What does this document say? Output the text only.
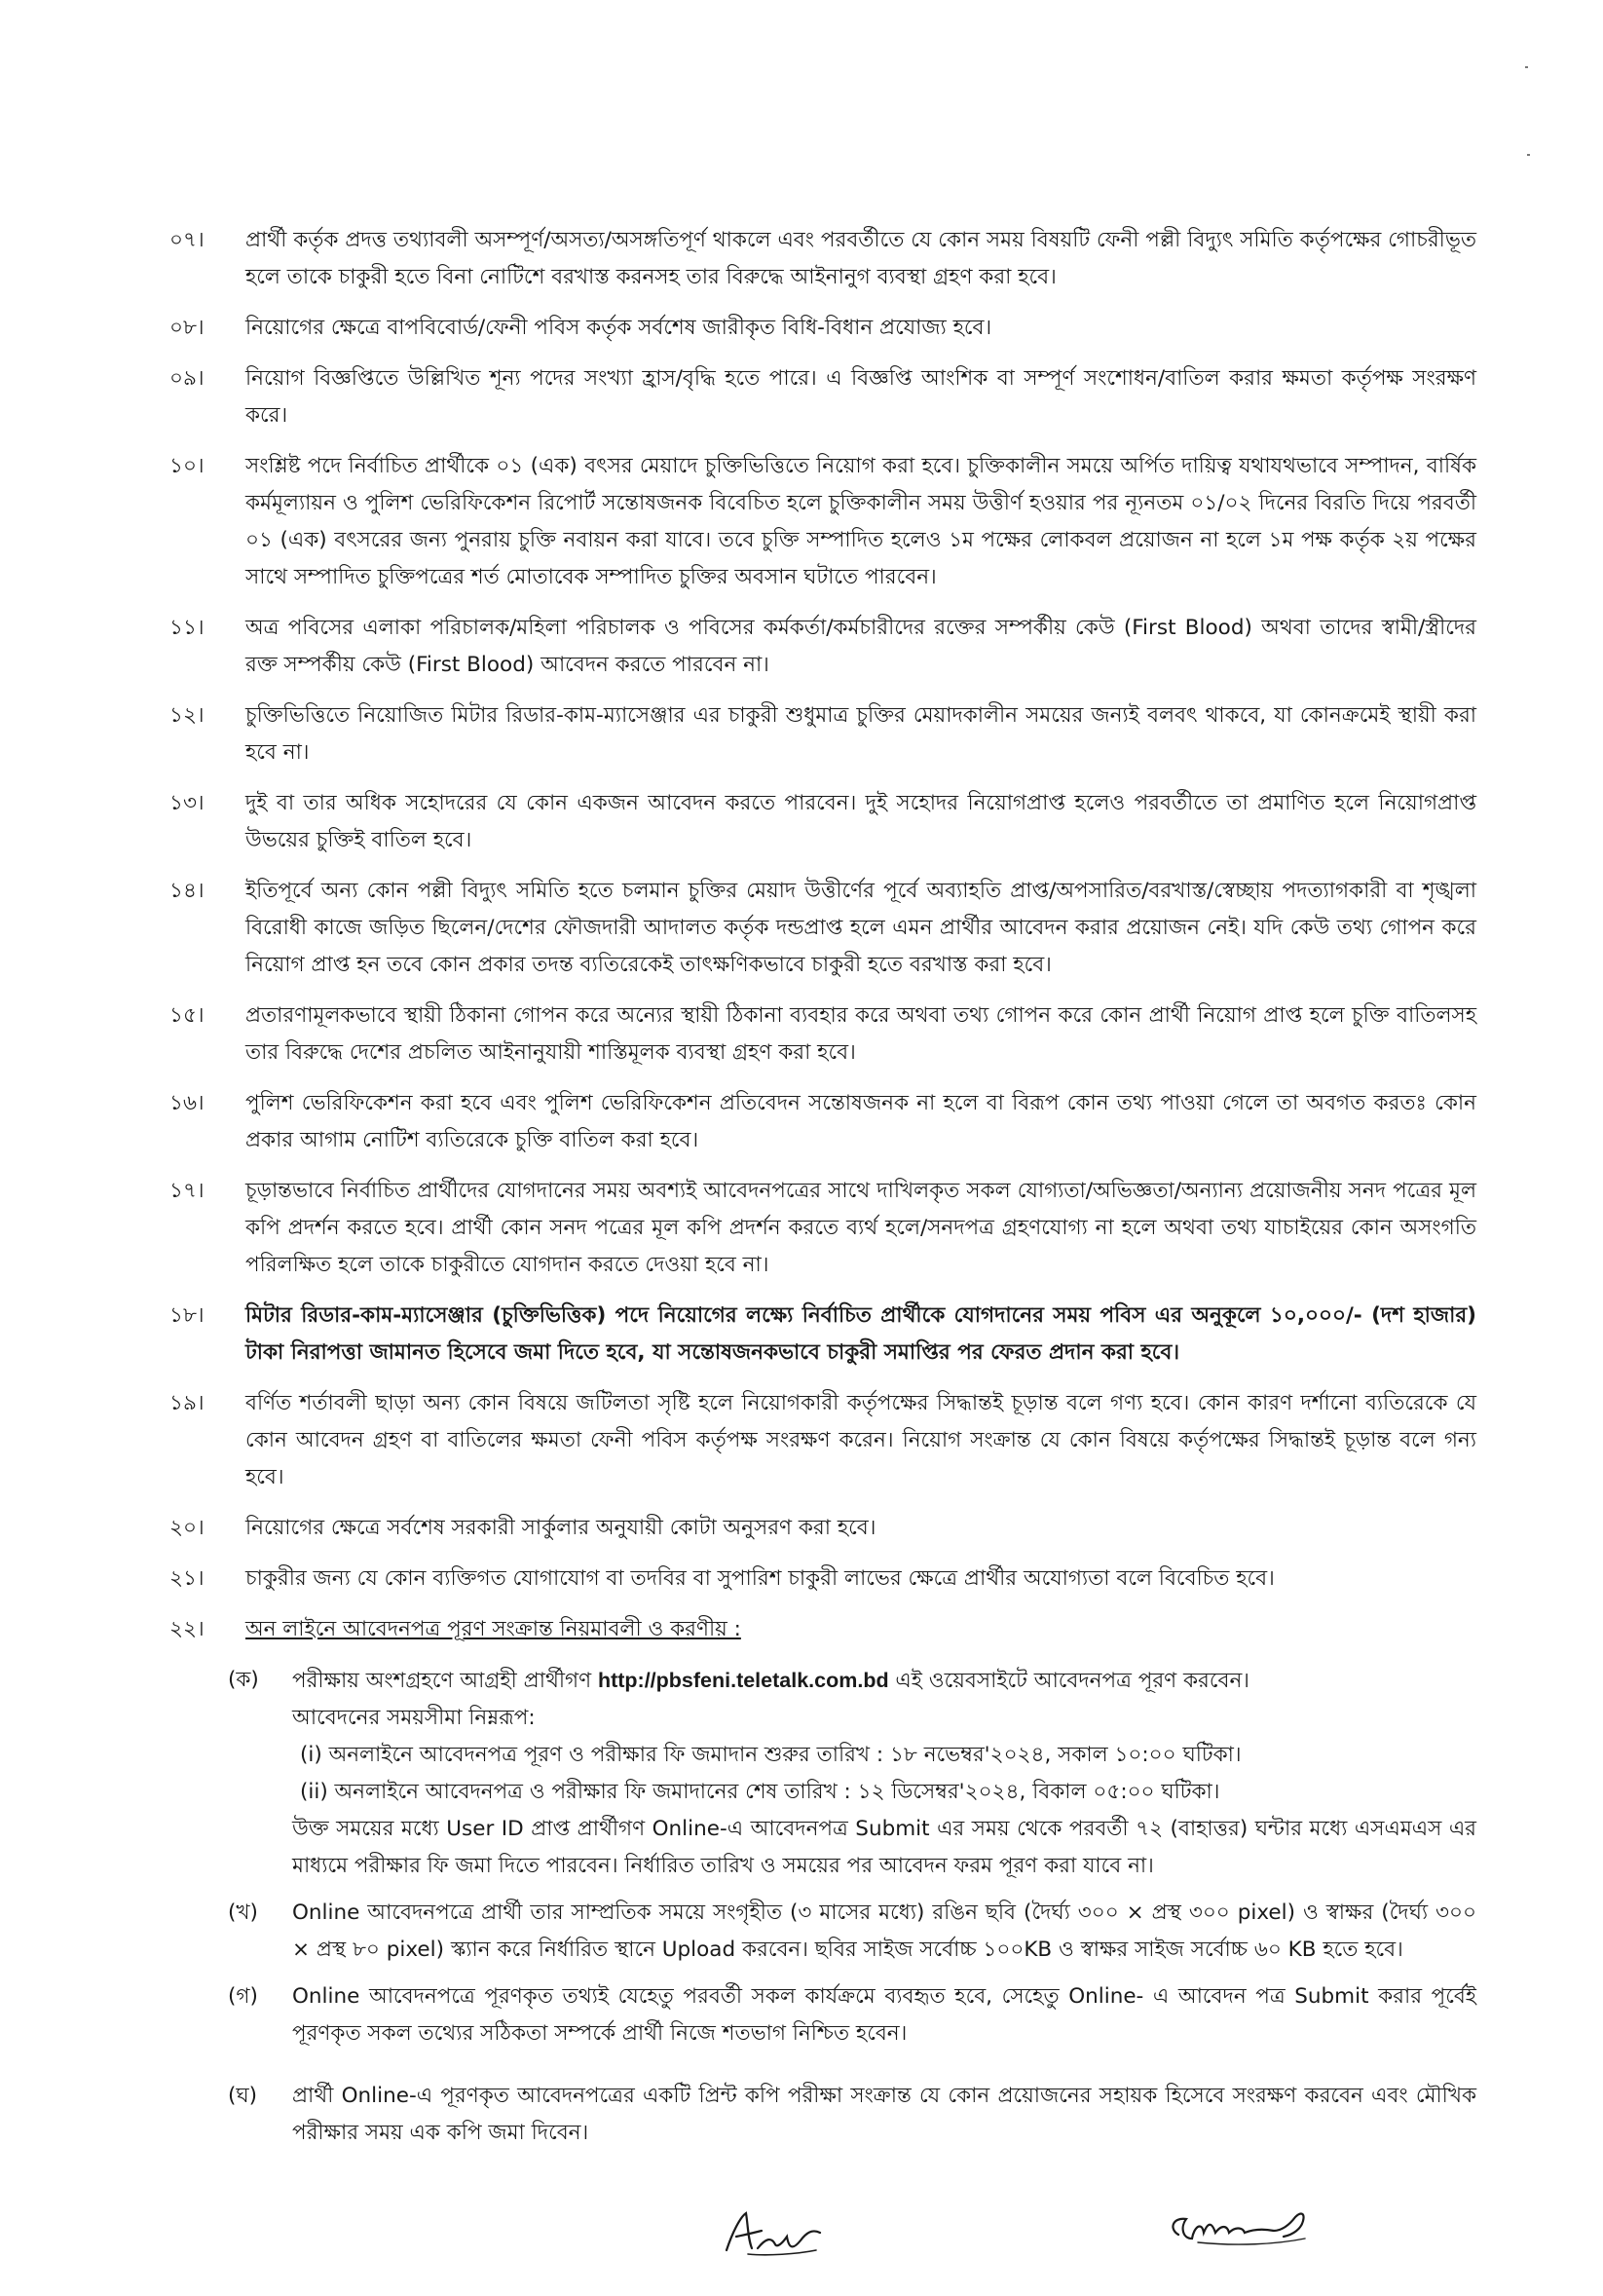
০৭।	প্রার্থী কর্তৃক প্রদত্ত তথ্যাবলী অসম্পূর্ণ/অসত্য/অসঙ্গতিপূর্ণ থাকলে এবং পরবর্তীতে যে কোন সময় বিষয়টি ফেনী পল্লী বিদ্যুৎ সমিতি কর্তৃপক্ষের গোচরীভূত হলে তাকে চাকুরী হতে বিনা নোটিশে বরখাস্ত করনসহ তার বিরুদ্ধে আইনানুগ ব্যবস্থা গ্রহণ করা হবে।
০৮।	নিয়োগের ক্ষেত্রে বাপবিবোর্ড/ফেনী পবিস কর্তৃক সর্বশেষ জারীকৃত বিধি-বিধান প্রযোজ্য হবে।
০৯।	নিয়োগ বিজ্ঞপ্তিতে উল্লিখিত শূন্য পদের সংখ্যা হ্রাস/বৃদ্ধি হতে পারে। এ বিজ্ঞপ্তি আংশিক বা সম্পূর্ণ সংশোধন/বাতিল করার ক্ষমতা কর্তৃপক্ষ সংরক্ষণ করে।
১০।	সংশ্লিষ্ট পদে নির্বাচিত প্রার্থীকে ০১ (এক) বৎসর মেয়াদে চুক্তিভিত্তিতে নিয়োগ করা হবে। চুক্তিকালীন সময়ে অর্পিত দায়িত্ব যথাযথভাবে সম্পাদন, বার্ষিক কর্মমূল্যায়ন ও পুলিশ ভেরিফিকেশন রিপোর্ট সন্তোষজনক বিবেচিত হলে চুক্তিকালীন সময় উত্তীর্ণ হওয়ার পর ন্যূনতম ০১/০২ দিনের বিরতি দিয়ে পরবর্তী ০১ (এক) বৎসরের জন্য পুনরায় চুক্তি নবায়ন করা যাবে। তবে চুক্তি সম্পাদিত হলেও ১ম পক্ষের লোকবল প্রয়োজন না হলে ১ম পক্ষ কর্তৃক ২য় পক্ষের সাথে সম্পাদিত চুক্তিপত্রের শর্ত মোতাবেক সম্পাদিত চুক্তির অবসান ঘটাতে পারবেন।
১১।	অত্র পবিসের এলাকা পরিচালক/মহিলা পরিচালক ও পবিসের কর্মকর্তা/কর্মচারীদের রক্তের সম্পর্কীয় কেউ (First Blood) অথবা তাদের স্বামী/স্ত্রীদের রক্ত সম্পর্কীয় কেউ (First Blood) আবেদন করতে পারবেন না।
১২।	চুক্তিভিত্তিতে নিয়োজিত মিটার রিডার-কাম-ম্যাসেঞ্জার এর চাকুরী শুধুমাত্র চুক্তির মেয়াদকালীন সময়ের জন্যই বলবৎ থাকবে, যা কোনক্রমেই স্থায়ী করা হবে না।
১৩।	দুই বা তার অধিক সহোদরের যে কোন একজন আবেদন করতে পারবেন। দুই সহোদর নিয়োগপ্রাপ্ত হলেও পরবর্তীতে তা প্রমাণিত হলে নিয়োগপ্রাপ্ত উভয়ের চুক্তিই বাতিল হবে।
১৪।	ইতিপূর্বে অন্য কোন পল্লী বিদ্যুৎ সমিতি হতে চলমান চুক্তির মেয়াদ উত্তীর্ণের পূর্বে অব্যাহতি প্রাপ্ত/অপসারিত/বরখাস্ত/স্বেচ্ছায় পদত্যাগকারী বা শৃঙ্খলা বিরোধী কাজে জড়িত ছিলেন/দেশের ফৌজদারী আদালত কর্তৃক দন্ডপ্রাপ্ত হলে এমন প্রার্থীর আবেদন করার প্রয়োজন নেই। যদি কেউ তথ্য গোপন করে নিয়োগ প্রাপ্ত হন তবে কোন প্রকার তদন্ত ব্যতিরেকেই তাৎক্ষণিকভাবে চাকুরী হতে বরখাস্ত করা হবে।
১৫।	প্রতারণামূলকভাবে স্থায়ী ঠিকানা গোপন করে অন্যের স্থায়ী ঠিকানা ব্যবহার করে অথবা তথ্য গোপন করে কোন প্রার্থী নিয়োগ প্রাপ্ত হলে চুক্তি বাতিলসহ তার বিরুদ্ধে দেশের প্রচলিত আইনানুযায়ী শাস্তিমূলক ব্যবস্থা গ্রহণ করা হবে।
১৬।	পুলিশ ভেরিফিকেশন করা হবে এবং পুলিশ ভেরিফিকেশন প্রতিবেদন সন্তোষজনক না হলে বা বিরূপ কোন তথ্য পাওয়া গেলে তা অবগত করতঃ কোন প্রকার আগাম নোটিশ ব্যতিরেকে চুক্তি বাতিল করা হবে।
১৭।	চূড়ান্তভাবে নির্বাচিত প্রার্থীদের যোগদানের সময় অবশ্যই আবেদনপত্রের সাথে দাখিলকৃত সকল যোগ্যতা/অভিজ্ঞতা/অন্যান্য প্রয়োজনীয় সনদ পত্রের মূল কপি প্রদর্শন করতে হবে। প্রার্থী কোন সনদ পত্রের মূল কপি প্রদর্শন করতে ব্যর্থ হলে/সনদপত্র গ্রহণযোগ্য না হলে অথবা তথ্য যাচাইয়ের কোন অসংগতি পরিলক্ষিত হলে তাকে চাকুরীতে যোগদান করতে দেওয়া হবে না।
১৮।	মিটার রিডার-কাম-ম্যাসেঞ্জার (চুক্তিভিত্তিক) পদে নিয়োগের লক্ষ্যে নির্বাচিত প্রার্থীকে যোগদানের সময় পবিস এর অনুকূলে ১০,০০০/- (দশ হাজার) টাকা নিরাপত্তা জামানত হিসেবে জমা দিতে হবে, যা সন্তোষজনকভাবে চাকুরী সমাপ্তির পর ফেরত প্রদান করা হবে।
১৯।	বর্ণিত শর্তাবলী ছাড়া অন্য কোন বিষয়ে জটিলতা সৃষ্টি হলে নিয়োগকারী কর্তৃপক্ষের সিদ্ধান্তই চূড়ান্ত বলে গণ্য হবে। কোন কারণ দর্শানো ব্যতিরেকে যে কোন আবেদন গ্রহণ বা বাতিলের ক্ষমতা ফেনী পবিস কর্তৃপক্ষ সংরক্ষণ করেন। নিয়োগ সংক্রান্ত যে কোন বিষয়ে কর্তৃপক্ষের সিদ্ধান্তই চূড়ান্ত বলে গন্য হবে।
২০।	নিয়োগের ক্ষেত্রে সর্বশেষ সরকারী সার্কুলার অনুযায়ী কোটা অনুসরণ করা হবে।
২১।	চাকুরীর জন্য যে কোন ব্যক্তিগত যোগাযোগ বা তদবির বা সুপারিশ চাকুরী লাভের ক্ষেত্রে প্রার্থীর অযোগ্যতা বলে বিবেচিত হবে।
২২।	অন লাইনে আবেদনপত্র পূরণ সংক্রান্ত নিয়মাবলী ও করণীয় :
(ক)	পরীক্ষায় অংশগ্রহণে আগ্রহী প্রার্থীগণ http://pbsfeni.teletalk.com.bd এই ওয়েবসাইটে আবেদনপত্র পূরণ করবেন।
আবেদনের সময়সীমা নিম্নরূপ:
(i) অনলাইনে আবেদনপত্র পূরণ ও পরীক্ষার ফি জমাদান শুরুর তারিখ : ১৮ নভেম্বর'২০২৪, সকাল ১০:০০ ঘটিকা।
(ii) অনলাইনে আবেদনপত্র ও পরীক্ষার ফি জমাদানের শেষ তারিখ : ১২ ডিসেম্বর'২০২৪, বিকাল ০৫:০০ ঘটিকা।
উক্ত সময়ের মধ্যে User ID প্রাপ্ত প্রার্থীগণ Online-এ আবেদনপত্র Submit এর সময় থেকে পরবর্তী ৭২ (বাহাত্তর) ঘন্টার মধ্যে এসএমএস এর মাধ্যমে পরীক্ষার ফি জমা দিতে পারবেন। নির্ধারিত তারিখ ও সময়ের পর আবেদন ফরম পূরণ করা যাবে না।
(খ)	Online আবেদনপত্রে প্রার্থী তার সাম্প্রতিক সময়ে সংগৃহীত (৩ মাসের মধ্যে) রঙিন ছবি (দৈর্ঘ্য ৩০০ × প্রস্থ ৩০০ pixel) ও স্বাক্ষর (দৈর্ঘ্য ৩০০ × প্রস্থ ৮০ pixel) স্ক্যান করে নির্ধারিত স্থানে Upload করবেন। ছবির সাইজ সর্বোচ্চ ১০০KB ও স্বাক্ষর সাইজ সর্বোচ্চ ৬০ KB হতে হবে।
(গ)	Online আবেদনপত্রে পূরণকৃত তথ্যই যেহেতু পরবর্তী সকল কার্যক্রমে ব্যবহৃত হবে, সেহেতু Online- এ আবেদন পত্র Submit করার পূর্বেই পূরণকৃত সকল তথ্যের সঠিকতা সম্পর্কে প্রার্থী নিজে শতভাগ নিশ্চিত হবেন।
(ঘ)	প্রার্থী Online-এ পূরণকৃত আবেদনপত্রের একটি প্রিন্ট কপি পরীক্ষা সংক্রান্ত যে কোন প্রয়োজনের সহায়ক হিসেবে সংরক্ষণ করবেন এবং মৌখিক পরীক্ষার সময় এক কপি জমা দিবেন।
